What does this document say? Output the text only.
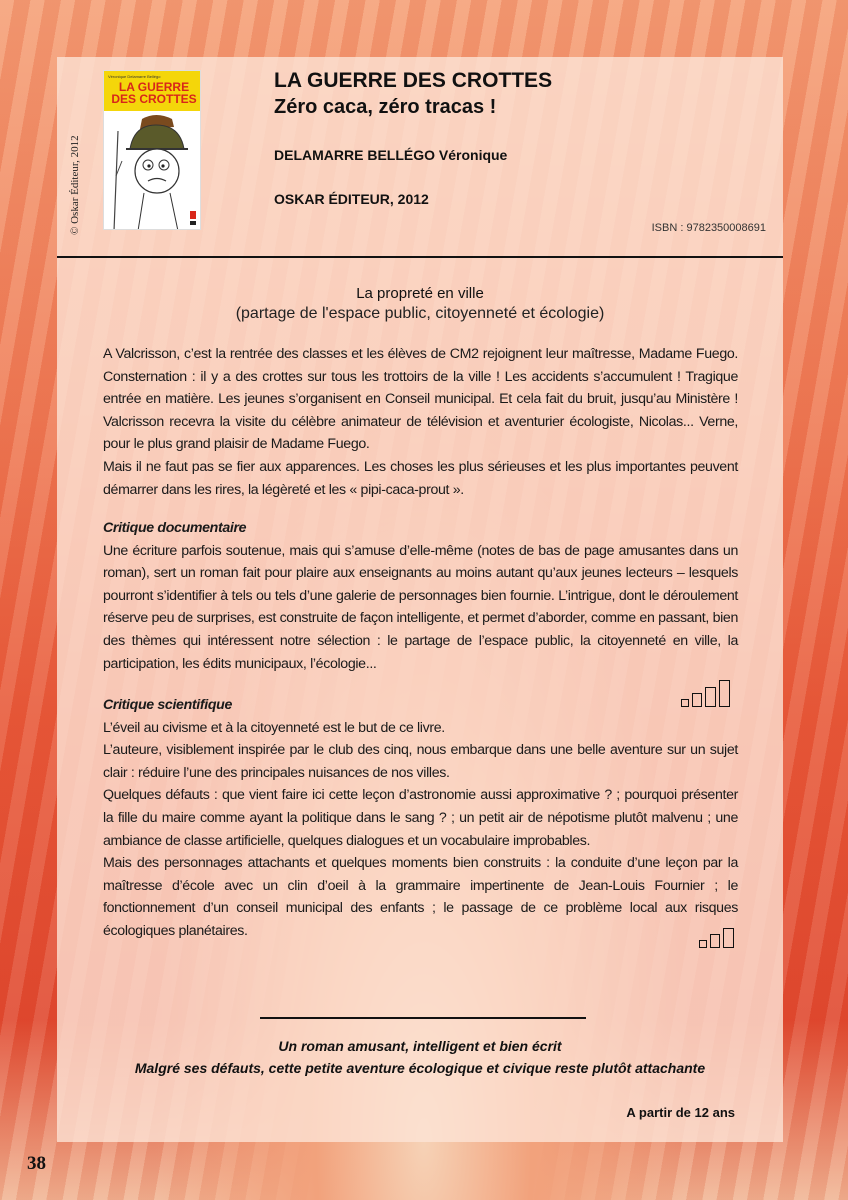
© Oskar Éditeur, 2012
Véronique Delamarre Bellégo
LA GUERRE DES CROTTES
LA GUERRE DES CROTTES
Zéro caca, zéro tracas !
DELAMARRE BELLÉGO Véronique
OSKAR ÉDITEUR, 2012
ISBN : 9782350008691
La propreté en ville
(partage de l'espace public, citoyenneté et écologie)

A Valcrisson, c’est la rentrée des classes et les élèves de CM2 rejoignent leur maîtresse, Madame Fuego. Consternation : il y a des crottes sur tous les trottoirs de la ville ! Les accidents s’accumulent ! Tragique entrée en matière. Les jeunes s’organisent en Conseil municipal. Et cela fait du bruit, jusqu’au Ministère ! Valcrisson recevra la visite du célèbre animateur de télévision et aventurier écologiste, Nicolas... Verne, pour le plus grand plaisir de Madame Fuego.

Mais il ne faut pas se fier aux apparences. Les choses les plus sérieuses et les plus importantes peuvent démarrer dans les rires, la légèreté et les « pipi-caca-prout ».

Critique documentaire

Une écriture parfois soutenue, mais qui s’amuse d’elle-même (notes de bas de page amusantes dans un roman), sert un roman fait pour plaire aux enseignants au moins autant qu’aux jeunes lecteurs – lesquels pourront s’identifier à tels ou tels d’une galerie de personnages bien fournie. L’intrigue, dont le déroulement réserve peu de surprises, est construite de façon intelligente, et permet d’aborder, comme en passant, bien des thèmes qui intéressent notre sélection : le partage de l’espace public, la citoyenneté en ville, la participation, les édits municipaux, l’écologie...

Critique scientifique

L’éveil au civisme et à la citoyenneté est le but de ce livre.

L’auteure, visiblement inspirée par le club des cinq, nous embarque dans une belle aventure sur un sujet clair : réduire l’une des principales nuisances de nos villes.

Quelques défauts : que vient faire ici cette leçon d’astronomie aussi approximative ? ; pourquoi présenter la fille du maire comme ayant la politique dans le sang ? ; un petit air de népotisme plutôt malvenu ; une ambiance de classe artificielle, quelques dialogues et un vocabulaire improbables.

Mais des personnages attachants et quelques moments bien construits : la conduite d’une leçon par la maîtresse d’école avec un clin d’oeil à la grammaire impertinente de Jean-Louis Fournier ; le fonctionnement d’un conseil municipal des enfants ; le passage de ce problème local aux risques écologiques planétaires.

Un roman amusant, intelligent et bien écrit
Malgré ses défauts, cette petite aventure écologique et civique reste plutôt attachante
A partir de 12 ans
38
